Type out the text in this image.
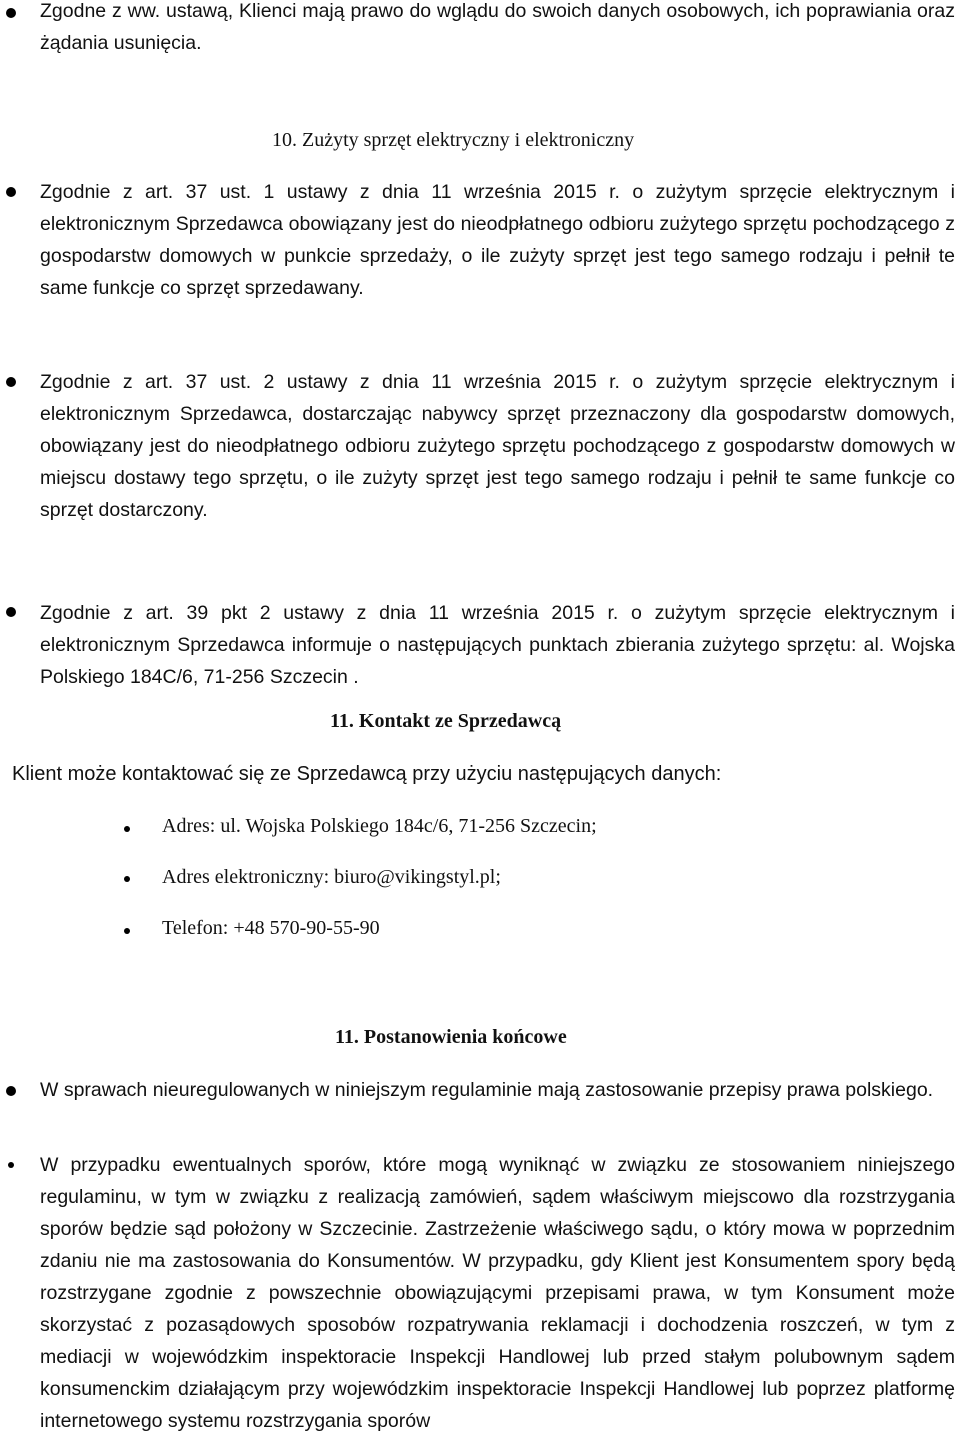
Zgodne z ww. ustawą, Klienci mają prawo do wglądu do swoich danych osobowych, ich poprawiania oraz żądania usunięcia.
10. Zużyty sprzęt elektryczny i elektroniczny
Zgodnie z art. 37 ust. 1 ustawy z dnia 11 września 2015 r. o zużytym sprzęcie elektrycznym i elektronicznym Sprzedawca obowiązany jest do nieodpłatnego odbioru zużytego sprzętu pochodzącego z gospodarstw domowych w punkcie sprzedaży, o ile zużyty sprzęt jest tego samego rodzaju i pełnił te same funkcje co sprzęt sprzedawany.
Zgodnie z art. 37 ust. 2 ustawy z dnia 11 września 2015 r. o zużytym sprzęcie elektrycznym i elektronicznym Sprzedawca, dostarczając nabywcy sprzęt przeznaczony dla gospodarstw domowych, obowiązany jest do nieodpłatnego odbioru zużytego sprzętu pochodzącego z gospodarstw domowych w miejscu dostawy tego sprzętu, o ile zużyty sprzęt jest tego samego rodzaju i pełnił te same funkcje co sprzęt dostarczony.
Zgodnie z art. 39 pkt 2 ustawy z dnia 11 września 2015 r. o zużytym sprzęcie elektrycznym i elektronicznym Sprzedawca informuje o następujących punktach zbierania zużytego sprzętu: al. Wojska Polskiego 184C/6, 71-256 Szczecin .
11. Kontakt ze Sprzedawcą
Klient może kontaktować się ze Sprzedawcą przy użyciu następujących danych:
Adres: ul. Wojska Polskiego 184c/6, 71-256 Szczecin;
Adres elektroniczny: biuro@vikingstyl.pl;
Telefon: +48 570-90-55-90
11. Postanowienia końcowe
W sprawach nieuregulowanych w niniejszym regulaminie mają zastosowanie przepisy prawa polskiego.
W przypadku ewentualnych sporów, które mogą wyniknąć w związku ze stosowaniem niniejszego regulaminu, w tym w związku z realizacją zamówień, sądem właściwym miejscowo dla rozstrzygania sporów będzie sąd położony w Szczecinie. Zastrzeżenie właściwego sądu, o który mowa w poprzednim zdaniu nie ma zastosowania do Konsumentów. W przypadku, gdy Klient jest Konsumentem spory będą rozstrzygane zgodnie z powszechnie obowiązującymi przepisami prawa, w tym Konsument może skorzystać z pozasądowych sposobów rozpatrywania reklamacji i dochodzenia roszczeń, w tym z mediacji w wojewódzkim inspektoracie Inspekcji Handlowej lub przed stałym polubownym sądem konsumenckim działającym przy wojewódzkim inspektoracie Inspekcji Handlowej lub poprzez platformę internetowego systemu rozstrzygania sporów
